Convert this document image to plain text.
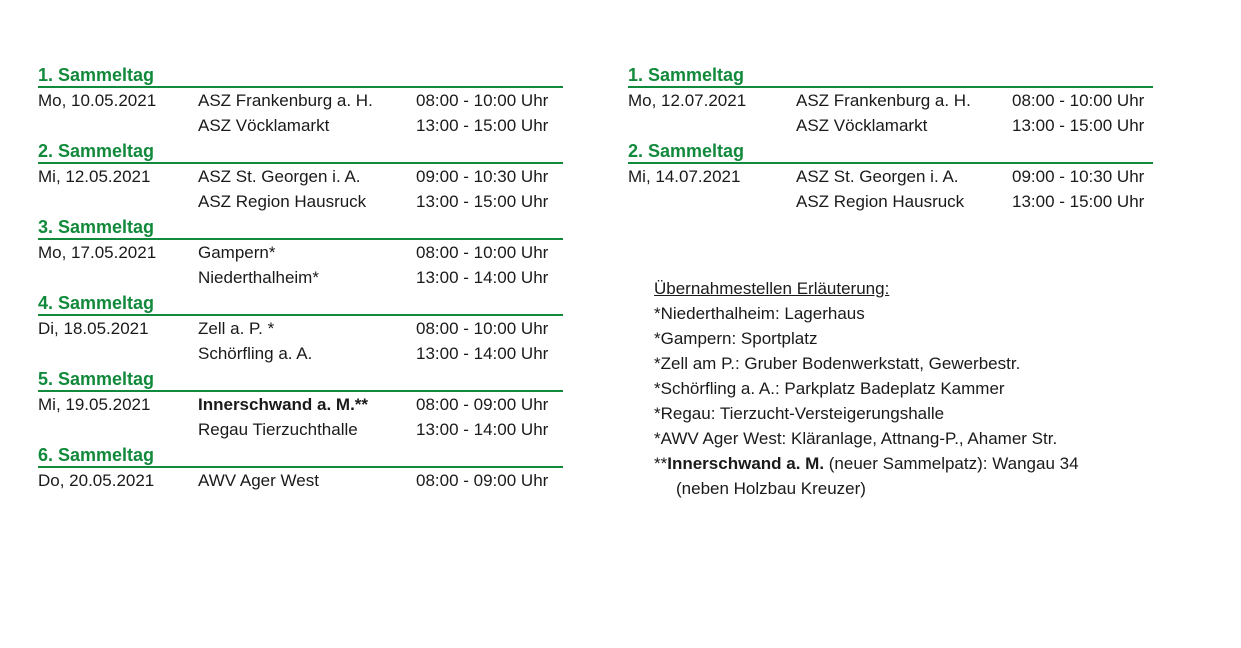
1. Sammeltag
Mo, 10.05.2021 ASZ Frankenburg a. H.	08:00 - 10:00 Uhr
ASZ Vöcklamarkt	13:00 - 15:00 Uhr
2. Sammeltag
Mi, 12.05.2021	ASZ St. Georgen i. A.	09:00 - 10:30 Uhr
ASZ Region Hausruck	13:00 - 15:00 Uhr
3. Sammeltag
Mo, 17.05.2021 Gampern*	08:00 - 10:00 Uhr
Niederthalheim*	13:00 - 14:00 Uhr
4. Sammeltag
Di, 18.05.2021	Zell a. P. *	08:00 - 10:00 Uhr
Schörfling a. A.	13:00 - 14:00 Uhr
5. Sammeltag
Mi, 19.05.2021	Innerschwand a. M.**	08:00 - 09:00 Uhr
Regau Tierzuchthalle	13:00 - 14:00 Uhr
6. Sammeltag
Do, 20.05.2021	AWV Ager West	08:00 - 09:00 Uhr
1. Sammeltag
Mo, 12.07.2021	ASZ Frankenburg a. H. 08:00 - 10:00 Uhr
ASZ Vöcklamarkt	13:00 - 15:00 Uhr
2. Sammeltag
Mi, 14.07.2021	ASZ St. Georgen i. A.	09:00 - 10:30 Uhr
ASZ Region Hausruck	13:00 - 15:00 Uhr
Übernahmestellen Erläuterung:
*Niederthalheim: Lagerhaus
*Gampern: Sportplatz
*Zell am P.: Gruber Bodenwerkstatt, Gewerbestr.
*Schörfling a. A.: Parkplatz Badeplatz Kammer
*Regau: Tierzucht-Versteigerungshalle
*AWV Ager West: Kläranlage, Attnang-P., Ahamer Str.
**Innerschwand a. M. (neuer Sammelpatz): Wangau 34
(neben Holzbau Kreuzer)
